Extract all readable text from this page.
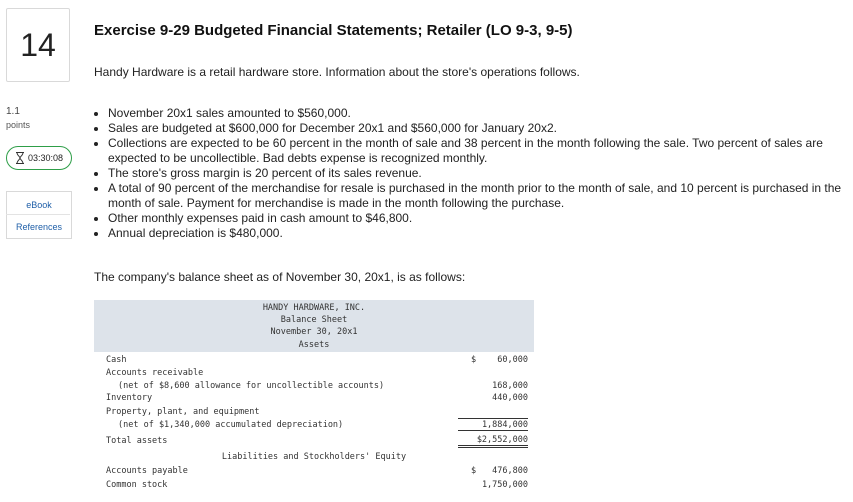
14
1.1
points
03:30:08
eBook
References
Exercise 9-29 Budgeted Financial Statements; Retailer (LO 9-3, 9-5)
Handy Hardware is a retail hardware store. Information about the store's operations follows.
• November 20x1 sales amounted to $560,000.
• Sales are budgeted at $600,000 for December 20x1 and $560,000 for January 20x2.
• Collections are expected to be 60 percent in the month of sale and 38 percent in the month following the sale. Two percent of sales are expected to be uncollectible. Bad debts expense is recognized monthly.
• The store's gross margin is 20 percent of its sales revenue.
• A total of 90 percent of the merchandise for resale is purchased in the month prior to the month of sale, and 10 percent is purchased in the month of sale. Payment for merchandise is made in the month following the purchase.
• Other monthly expenses paid in cash amount to $46,800.
• Annual depreciation is $480,000.
The company's balance sheet as of November 30, 20x1, is as follows:
HANDY HARDWARE, INC.
Balance Sheet
November 30, 20x1
Assets
Cash	$ 60,000
Accounts receivable
(net of $8,600 allowance for uncollectible accounts)	168,000
Inventory	440,000
Property, plant, and equipment
(net of $1,340,000 accumulated depreciation)	1,884,000
Total assets	$2,552,000
Liabilities and Stockholders' Equity
Accounts payable	$ 476,800
Common stock	1,750,000
